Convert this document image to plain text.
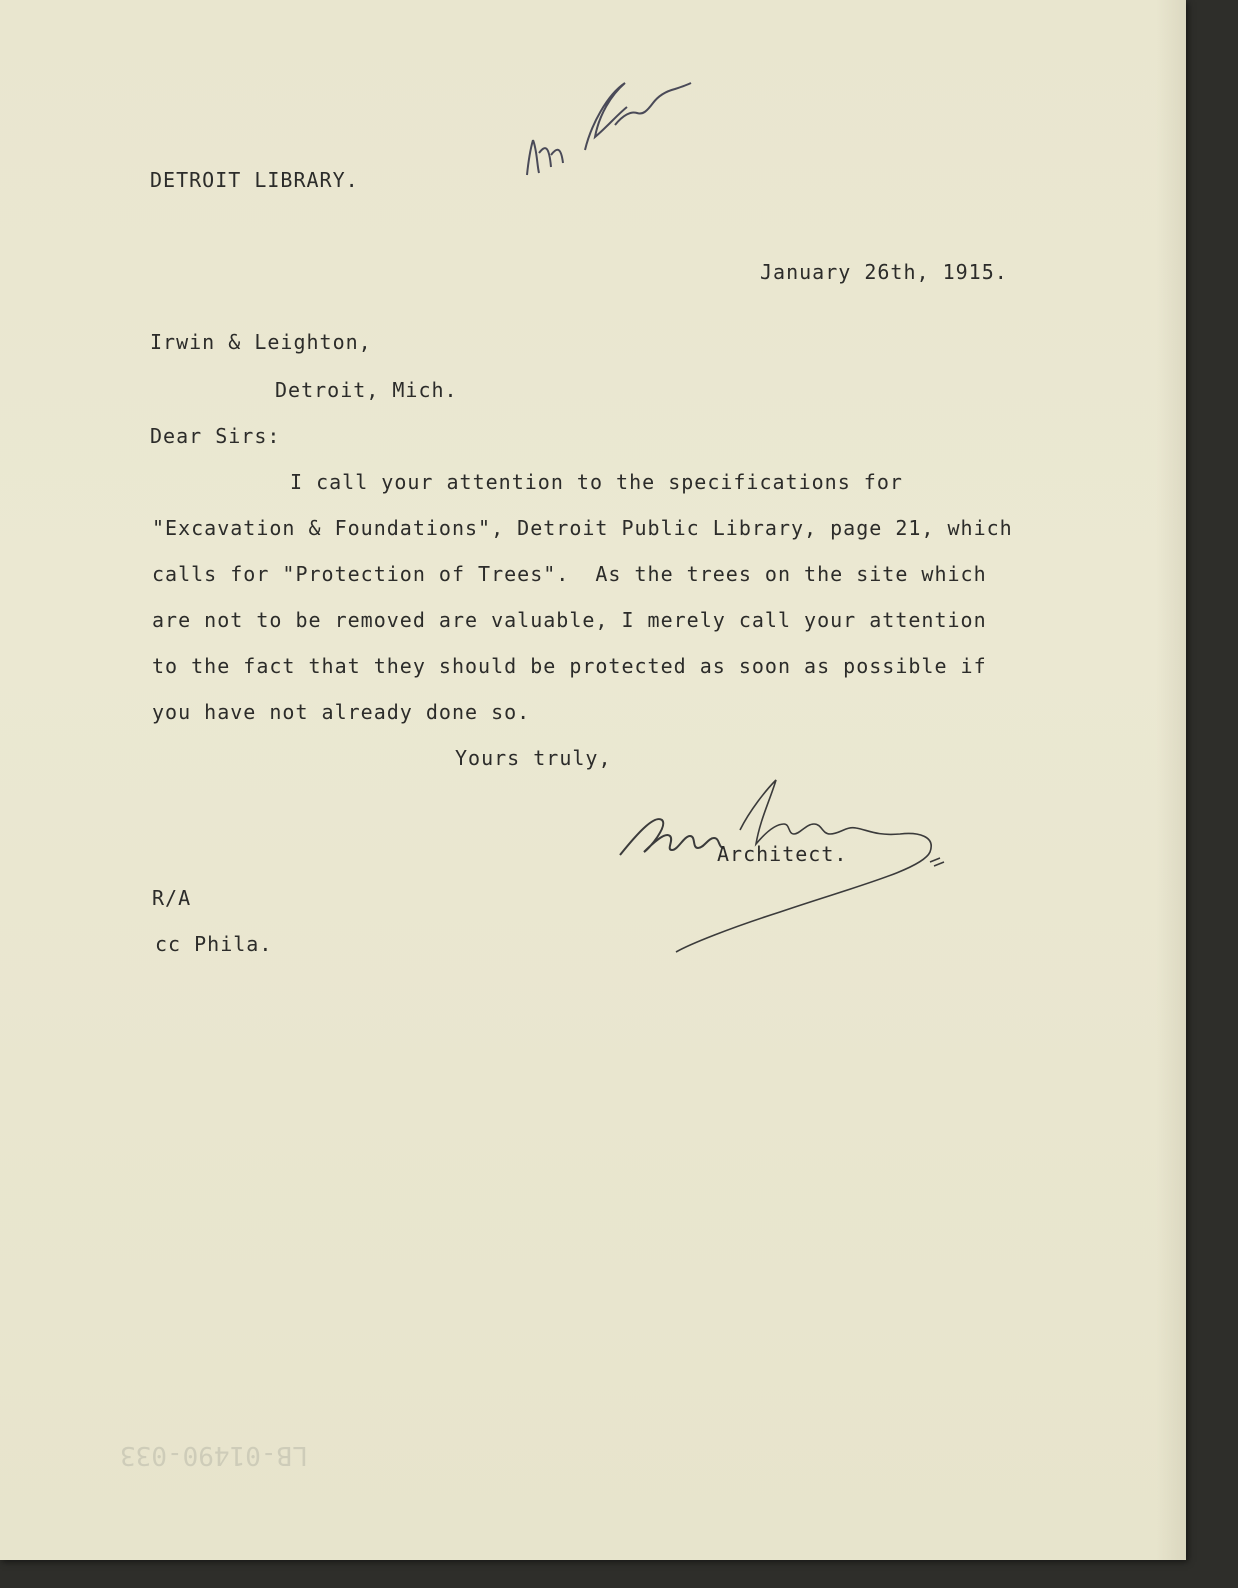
DETROIT LIBRARY.
January 26th, 1915.
Irwin & Leighton,
Detroit, Mich.
Dear Sirs:
I call your attention to the specifications for
"Excavation & Foundations", Detroit Public Library, page 21, which
calls for "Protection of Trees".  As the trees on the site which
are not to be removed are valuable, I merely call your attention
to the fact that they should be protected as soon as possible if
you have not already done so.
Yours truly,
Architect.
R/A
cc Phila.
LB-01490-033
